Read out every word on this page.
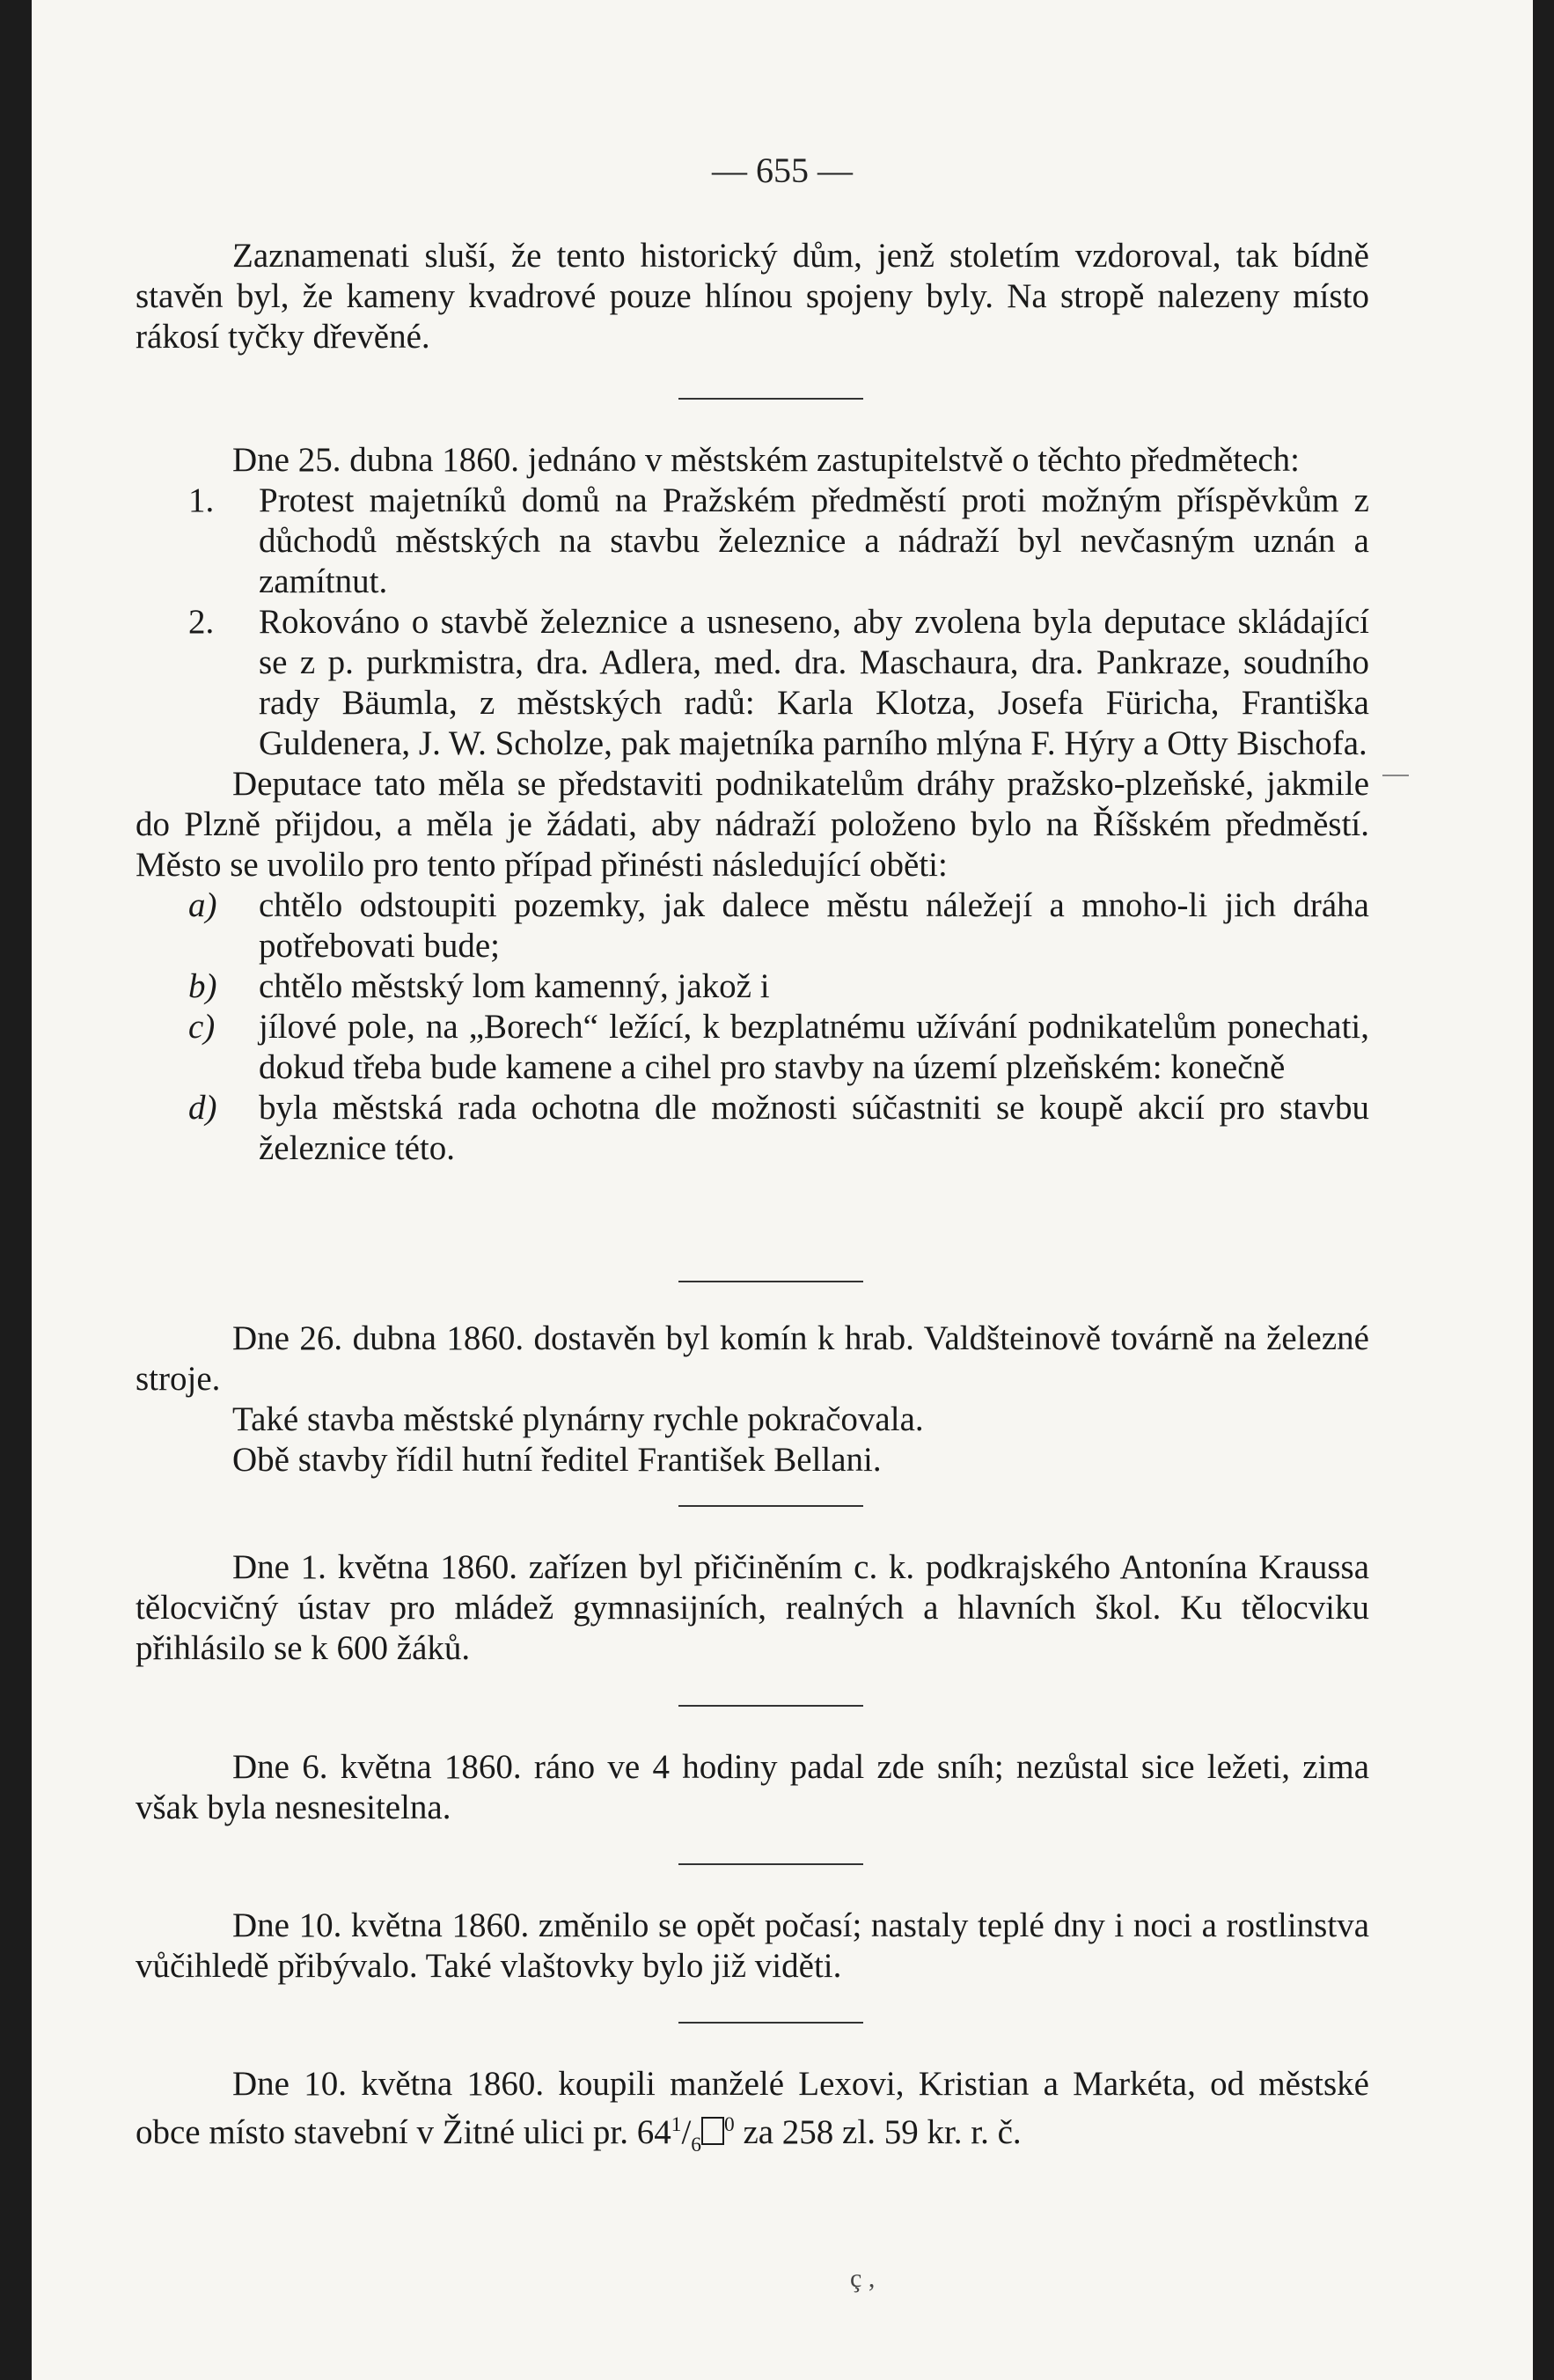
— 655 —

Zaznamenati sluší, že tento historický dům, jenž stoletím vzdoroval, tak bídně stavěn byl, že kameny kvadrové pouze hlínou spojeny byly. Na stropě nalezeny místo rákosí tyčky dřevěné.

Dne 25. dubna 1860. jednáno v městském zastupitelstvě o těchto předmětech:

1. Protest majetníků domů na Pražském předměstí proti možným příspěvkům z důchodů městských na stavbu železnice a nádraží byl nevčasným uznán a zamítnut.
2. Rokováno o stavbě železnice a usneseno, aby zvolena byla deputace skládající se z p. purkmistra, dra. Adlera, med. dra. Maschaura, dra. Pankraze, soudního rady Bäumla, z městských radů: Karla Klotza, Josefa Füricha, Františka Guldenera, J. W. Scholze, pak majetníka parního mlýna F. Hýry a Otty Bischofa.

Deputace tato měla se představiti podnikatelům dráhy pražsko-plzeňské, jakmile do Plzně přijdou, a měla je žádati, aby nádraží položeno bylo na Říšském předměstí. Město se uvolilo pro tento případ přinésti následující oběti:

a) chtělo odstoupiti pozemky, jak dalece městu náležejí a mnoho-li jich dráha potřebovati bude;
b) chtělo městský lom kamenný, jakož i
c) jílové pole, na „Borech“ ležící, k bezplatnému užívání podnikatelům ponechati, dokud třeba bude kamene a cihel pro stavby na území plzeňském: konečně
d) byla městská rada ochotna dle možnosti súčastniti se koupě akcií pro stavbu železnice této.

Dne 26. dubna 1860. dostavěn byl komín k hrab. Valdšteinově továrně na železné stroje.

Také stavba městské plynárny rychle pokračovala.

Obě stavby řídil hutní ředitel František Bellani.

Dne 1. května 1860. zařízen byl přičiněním c. k. podkrajského Antonína Kraussa tělocvičný ústav pro mládež gymnasijních, realných a hlavních škol. Ku tělocviku přihlásilo se k 600 žáků.

Dne 6. května 1860. ráno ve 4 hodiny padal zde sníh; nezůstal sice ležeti, zima však byla nesnesitelna.

Dne 10. května 1860. změnilo se opět počasí; nastaly teplé dny i noci a rostlinstva vůčihledě přibývalo. Také vlaštovky bylo již viděti.

Dne 10. května 1860. koupili manželé Lexovi, Kristian a Markéta, od městské obce místo stavební v Žitné ulici pr. $64^1/_6^0$ za 258 zl. 59 kr. r. č.

ç ,
